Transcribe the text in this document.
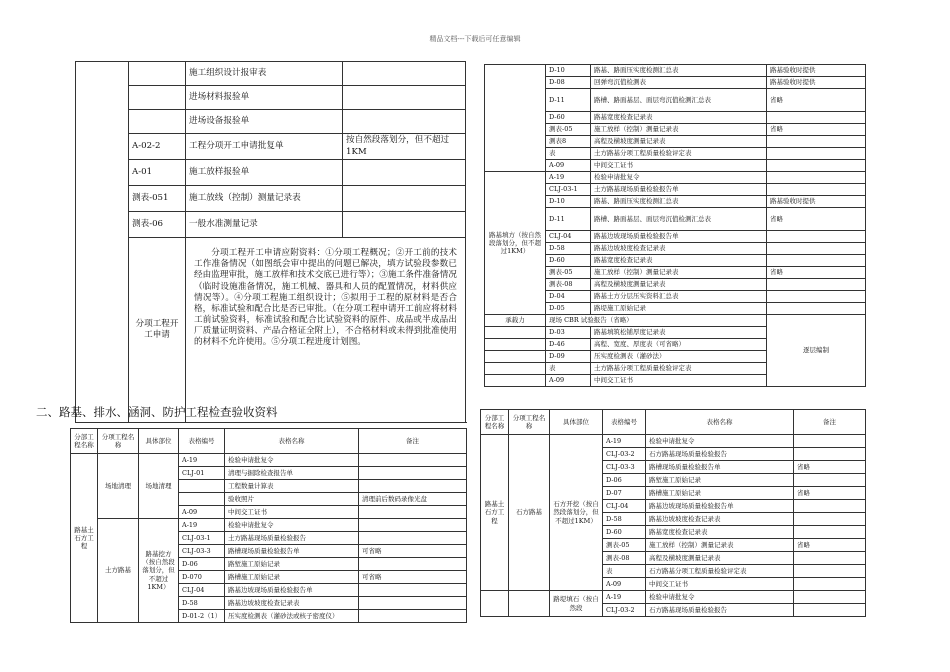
精品文档---下载后可任意编辑
		施工组织设计报审表	
		进场材料报验单	
		进场设备报验单	
	A-02-2	工程分项开工申请批复单	按自然段落划分，但不超过1KM
	A-01	施工放样报验单	
	测表-051	施工放线（控制）测量记录表	
	测表-06	一般水准测量记录	
	分项工程开工申请	分项工程开工申请应附资料：①分项工程概况；②开工前的技术工作准备情况（如图纸会审中提出的问题已解决，填方试验段参数已经由监理审批，施工放样和技术交底已进行等）；③施工条件准备情况（临时设施准备情况，施工机械、器具和人员的配置情况，材料供应情况等）。④分项工程施工组织设计；⑤拟用于工程的原材料是否合格，标准试验和配合比是否已审批。（在分项工程申请开工前应将材料工前试验资料，标准试验和配合比试验资料的原件、成品或半成品出厂质量证明资料、产品合格证全附上），不合格材料或未得到批准使用的材料不允许使用。⑤分项工程进度计划图。	
二、路基、排水、涵洞、防护工程检查验收资料
分部工程名称	分项工程名称	具体部位	表格编号	表格名称	备注
路基土石方工程	场地清理	场地清理	A-19	检验申请批复令	
			CLJ-01	清理与掘除检查报告单	
				工程数量计算表	
				验收照片	清理前后数码录像光盘
			A-09	中间交工证书	
	土方路基	路基挖方（按自然段落划分，但不超过1KM）	A-19	检验申请批复令	
			CLJ-03-1	土方路基现场质量检验报告	
			CLJ-03-3	路槽现场质量检验报告单	可省略
			D-06	路堑施工原始记录	
			D-070	路槽施工原始记录	可省略
			CLJ-04	路基边坡现场质量检验报告单	
			D-58	路基边坡坡度检查记录表	
			D-01-2（1）	压实度检测表（灌砂法或核子密度仪）	
	D-10	路基、路面压实度检测汇总表	路基验收时提供
	D-08	回弹弯沉值检测表	路基验收时提供
	D-11	路槽、路面基层、面层弯沉值检测汇总表	省略
	D-60	路基宽度检查记录表	
	测表-05	施工放样（控制）测量记录表	省略
	测表8	高程及横坡度测量记录表	
	表	土方路基分项工程质量检验评定表	
	A-09	中间交工证书	
路基填方（按自然段落划分，但不超过1KM）	A-19	检验申请批复令	
	CLJ-03-1	土方路基现场质量检验报告单	
	D-10	路基、路面压实度检测汇总表	路基验收时提供
	D-11	路槽、路面基层、面层弯沉值检测汇总表	省略
	CLJ-04	路基边坡现场质量检验报告单	
	D-58	路基边坡坡度检查记录表	
	D-60	路基宽度检查记录表	
	测表-05	施工放样（控制）测量记录表	省略
	测表-08	高程及横坡度测量记录表	
	D-04	路基土方分层压实资料汇总表	
	D-05	路堤施工原始记录	
承载力	现场 CBR 试验报告（省略）		逐层编制
	D-03	路基填筑松铺厚度记录表	
	D-46	高程、宽度、厚度表（可省略）	
	D-09	压实度检测表（灌砂法）	
	表	土方路基分项工程质量检验评定表	
	A-09	中间交工证书	
分部工程名称	分项工程名称	具体部位	表格编号	表格名称	备注
路基土石方工程	石方路基	石方开挖（按自然段落划分，但不超过1KM）	A-19	检验申请批复令	
			CLJ-03-2	石方路基现场质量检验报告	
			CLJ-03-3	路槽现场质量检验报告单	省略
			D-06	路堑施工原始记录	
			D-07	路槽施工原始记录	省略
			CLJ-04	路基边坡现场质量检验报告单	
			D-58	路基边坡坡度检查记录表	
			D-60	路基宽度检查记录表	
			测表-05	施工放样（控制）测量记录表	省略
			测表-08	高程及横坡度测量记录表	
			表	石方路基分项工程质量检验评定表	
			A-09	中间交工证书	
		路堤填石（按自然段	A-19	检验申请批复令	
			CLJ-03-2	石方路基现场质量检验报告	
